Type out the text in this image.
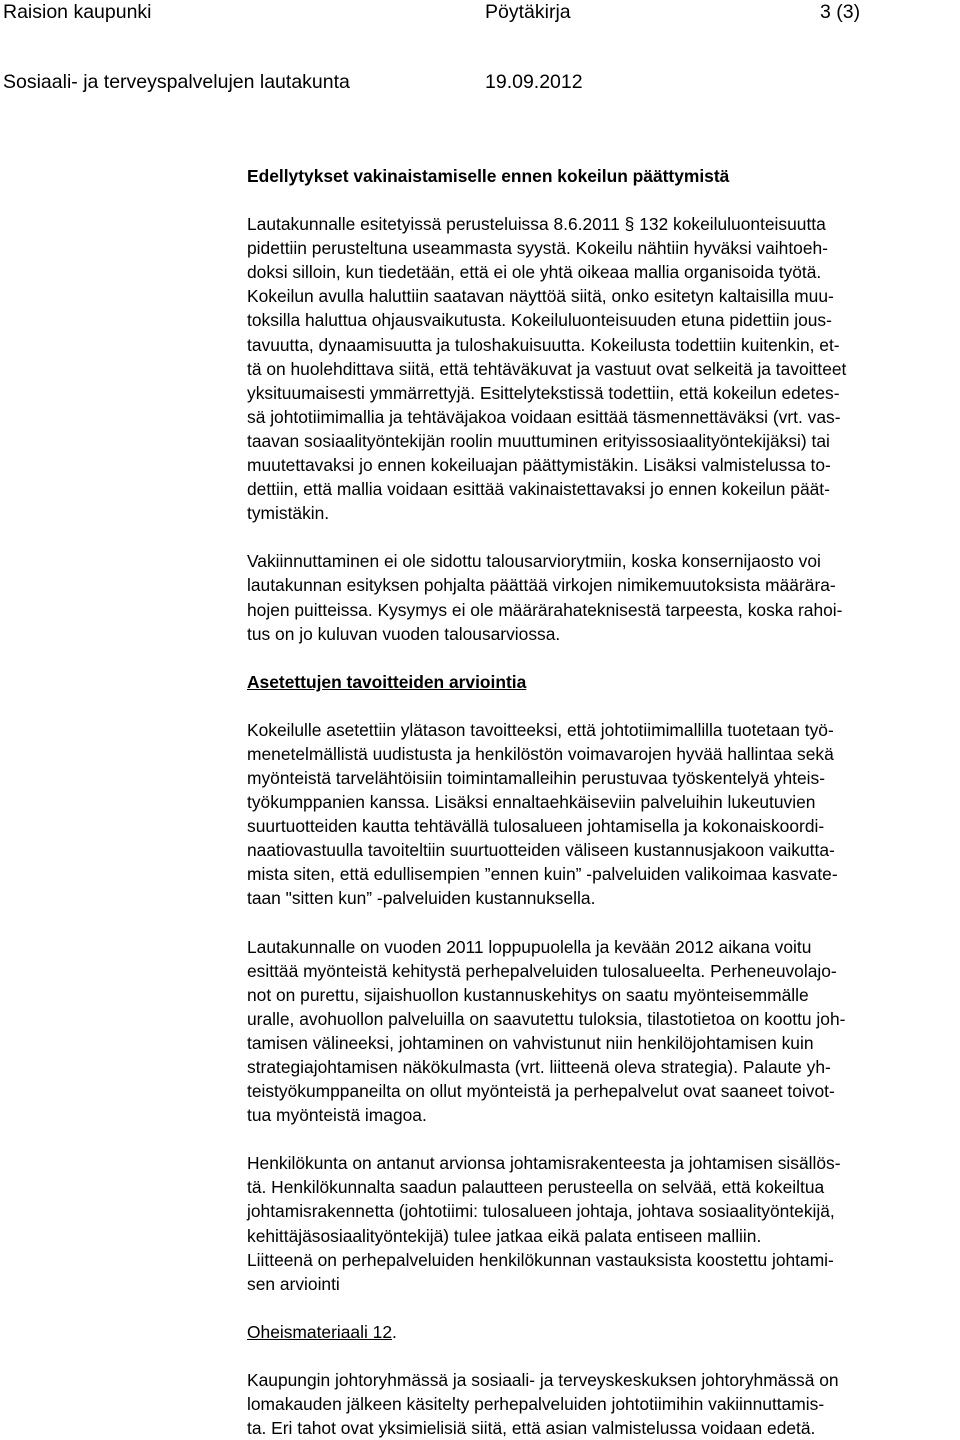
Raision kaupunki	Pöytäkirja	3 (3)
Sosiaali- ja terveyspalvelujen lautakunta	19.09.2012

Edellytykset vakinaistamiselle ennen kokeilun päättymistä

Lautakunnalle esitetyissä perusteluissa 8.6.2011 § 132 kokeiluluonteisuutta
pidettiin perusteltuna useammasta syystä. Kokeilu nähtiin hyväksi vaihtoeh-
doksi silloin, kun tiedetään, että ei ole yhtä oikeaa mallia organisoida työtä.
Kokeilun avulla haluttiin saatavan näyttöä siitä, onko esitetyn kaltaisilla muu-
toksilla haluttua ohjausvaikutusta. Kokeiluluonteisuuden etuna pidettiin jous-
tavuutta, dynaamisuutta ja tuloshakuisuutta. Kokeilusta todettiin kuitenkin, et-
tä on huolehdittava siitä, että tehtäväkuvat ja vastuut ovat selkeitä ja tavoitteet
yksituumaisesti ymmärrettyjä. Esittelytekstissä todettiin, että kokeilun edetes-
sä johtotiimimallia ja tehtäväjakoa voidaan esittää täsmennettäväksi (vrt. vas-
taavan sosiaalityöntekijän roolin muuttuminen erityissosiaalityöntekijäksi) tai
muutettavaksi jo ennen kokeiluajan päättymistäkin. Lisäksi valmistelussa to-
dettiin, että mallia voidaan esittää vakinaistettavaksi jo ennen kokeilun päät-
tymistäkin.

Vakiinnuttaminen ei ole sidottu talousarviorytmiin, koska konsernijaosto voi
lautakunnan esityksen pohjalta päättää virkojen nimikemuutoksista määrära-
hojen puitteissa. Kysymys ei ole määrärahateknisestä tarpeesta, koska rahoi-
tus on jo kuluvan vuoden talousarviossa.

Asetettujen tavoitteiden arviointia

Kokeilulle asetettiin ylätason tavoitteeksi, että johtotiimimallilla tuotetaan työ-
menetelmällistä uudistusta ja henkilöstön voimavarojen hyvää hallintaa sekä
myönteistä tarvelähtöisiin toimintamalleihin perustuvaa työskentelyä yhteis-
työkumppanien kanssa. Lisäksi ennaltaehkäiseviin palveluihin lukeutuvien
suurtuotteiden kautta tehtävällä tulosalueen johtamisella ja kokonaiskoordi-
naatiovastuulla tavoiteltiin suurtuotteiden väliseen kustannusjakoon vaikutta-
mista siten, että edullisempien ”ennen kuin” -palveluiden valikoimaa kasvate-
taan "sitten kun” -palveluiden kustannuksella.

Lautakunnalle on vuoden 2011 loppupuolella ja kevään 2012 aikana voitu
esittää myönteistä kehitystä perhepalveluiden tulosalueelta. Perheneuvolajo-
not on purettu, sijaishuollon kustannuskehitys on saatu myönteisemmälle
uralle, avohuollon palveluilla on saavutettu tuloksia, tilastotietoa on koottu joh-
tamisen välineeksi, johtaminen on vahvistunut niin henkilöjohtamisen kuin
strategiajohtamisen näkökulmasta (vrt. liitteenä oleva strategia). Palaute yh-
teistyökumppaneilta on ollut myönteistä ja perhepalvelut ovat saaneet toivot-
tua myönteistä imagoa.

Henkilökunta on antanut arvionsa johtamisrakenteesta ja johtamisen sisällös-
tä. Henkilökunnalta saadun palautteen perusteella on selvää, että kokeiltua
johtamisrakennetta (johtotiimi: tulosalueen johtaja, johtava sosiaalityöntekijä,
kehittäjäsosiaalityöntekijä) tulee jatkaa eikä palata entiseen malliin.
Liitteenä on perhepalveluiden henkilökunnan vastauksista koostettu johtami-
sen arviointi

Oheismateriaali 12.

Kaupungin johtoryhmässä ja sosiaali- ja terveyskeskuksen johtoryhmässä on
lomakauden jälkeen käsitelty perhepalveluiden johtotiimihin vakiinnuttamis-
ta. Eri tahot ovat yksimielisiä siitä, että asian valmistelussa voidaan edetä.
